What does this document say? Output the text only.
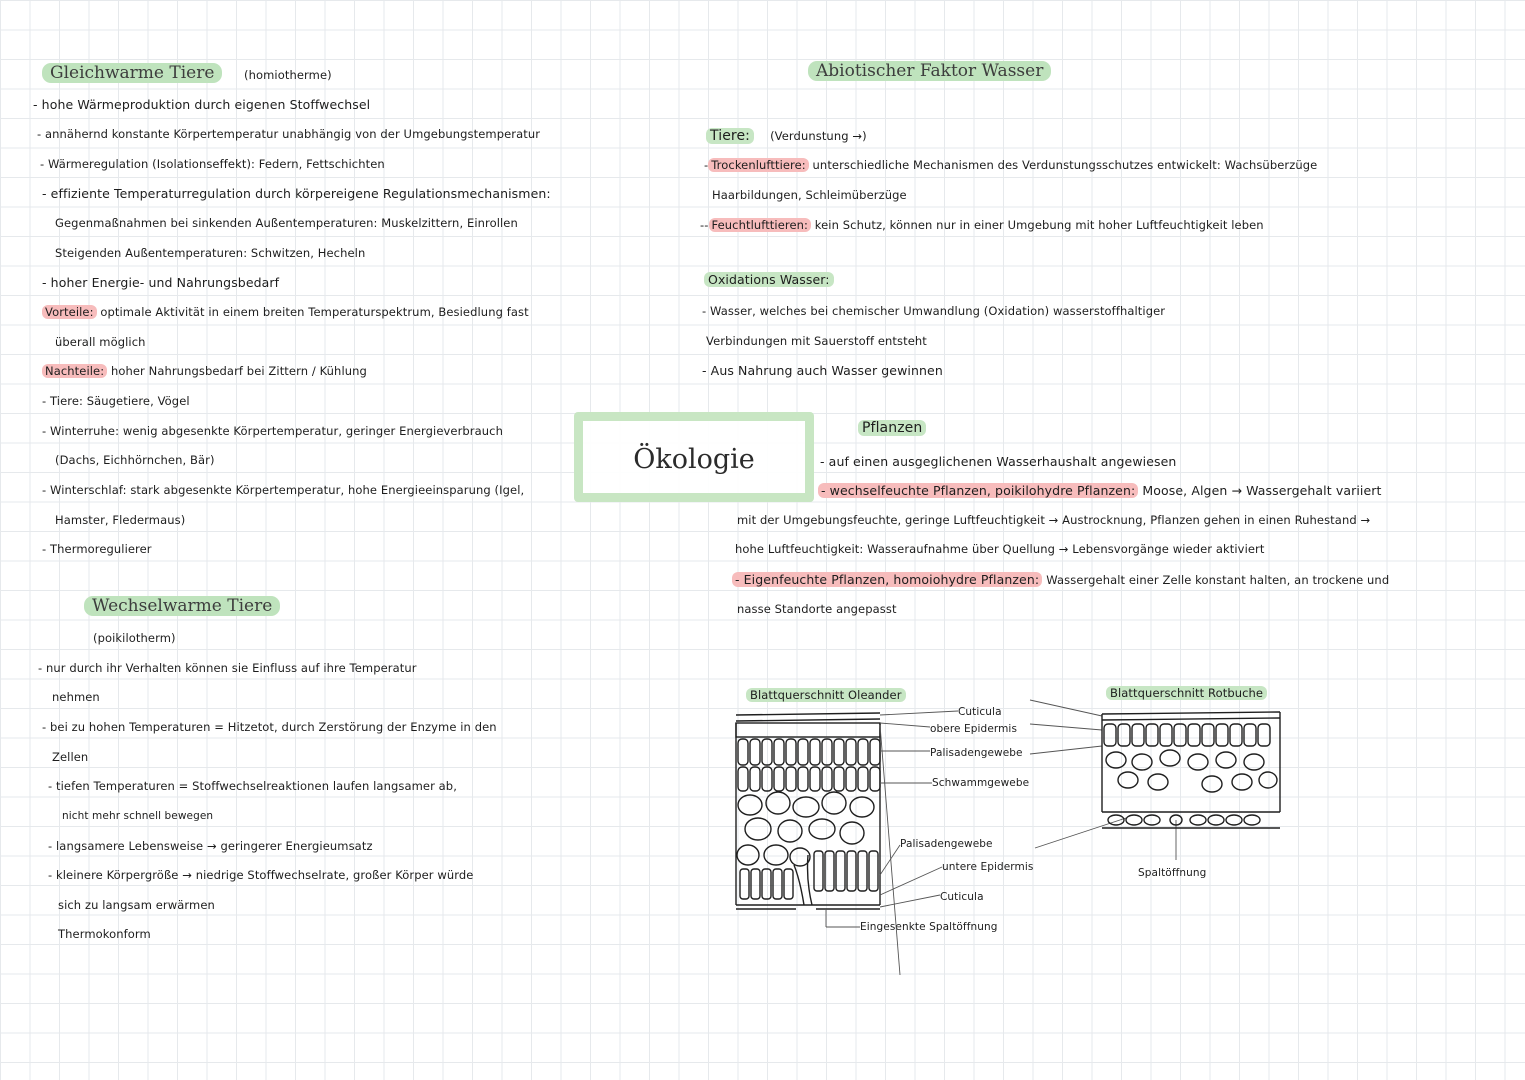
Ökologie
Gleichwarme Tiere	(homiotherme)
- hohe Wärmeproduktion durch eigenen Stoffwechsel
- annähernd konstante Körpertemperatur unabhängig von der Umgebungstemperatur
- Wärmeregulation (Isolationseffekt): Federn, Fettschichten
- effiziente Temperaturregulation durch körpereigene Regulationsmechanismen:
Gegenmaßnahmen bei sinkenden Außentemperaturen: Muskelzittern, Einrollen
Steigenden Außentemperaturen: Schwitzen, Hecheln
- hoher Energie- und Nahrungsbedarf
Vorteile: optimale Aktivität in einem breiten Temperaturspektrum, Besiedlung fast
überall möglich
Nachteile: hoher Nahrungsbedarf bei Zittern / Kühlung
- Tiere: Säugetiere, Vögel
- Winterruhe: wenig abgesenkte Körpertemperatur, geringer Energieverbrauch
(Dachs, Eichhörnchen, Bär)
- Winterschlaf: stark abgesenkte Körpertemperatur, hohe Energieeinsparung (Igel,
Hamster, Fledermaus)
- Thermoregulierer
Wechselwarme Tiere
(poikilotherm)
- nur durch ihr Verhalten können sie Einfluss auf ihre Temperatur
nehmen
- bei zu hohen Temperaturen = Hitzetot, durch Zerstörung der Enzyme in den
Zellen
- tiefen Temperaturen = Stoffwechselreaktionen laufen langsamer ab,
nicht mehr schnell bewegen
- langsamere Lebensweise → geringerer Energieumsatz
- kleinere Körpergröße → niedrige Stoffwechselrate, großer Körper würde
sich zu langsam erwärmen
Thermokonform
Abiotischer Faktor Wasser
Tiere: (Verdunstung →)
- Trockenlufttiere: unterschiedliche Mechanismen des Verdunstungsschutzes entwickelt: Wachsüberzüge
Haarbildungen, Schleimüberzüge
-- Feuchtlufttieren: kein Schutz, können nur in einer Umgebung mit hoher Luftfeuchtigkeit leben
Oxidations Wasser:
- Wasser, welches bei chemischer Umwandlung (Oxidation) wasserstoffhaltiger
Verbindungen mit Sauerstoff entsteht
- Aus Nahrung auch Wasser gewinnen
Pflanzen
- auf einen ausgeglichenen Wasserhaushalt angewiesen
- wechselfeuchte Pflanzen, poikilohydre Pflanzen: Moose, Algen → Wassergehalt variiert
mit der Umgebungsfeuchte, geringe Luftfeuchtigkeit → Austrocknung, Pflanzen gehen in einen Ruhestand →
hohe Luftfeuchtigkeit: Wasseraufnahme über Quellung → Lebensvorgänge wieder aktiviert
- Eigenfeuchte Pflanzen, homoiohydre Pflanzen: Wassergehalt einer Zelle konstant halten, an trockene und
nasse Standorte angepasst
Blattquerschnitt Oleander	Blattquerschnitt Rotbuche
Cuticula
obere Epidermis
Palisadengewebe
Schwammgewebe
Palisadengewebe
untere Epidermis
Cuticula
Eingesenkte Spaltöffnung
Spaltöffnung
